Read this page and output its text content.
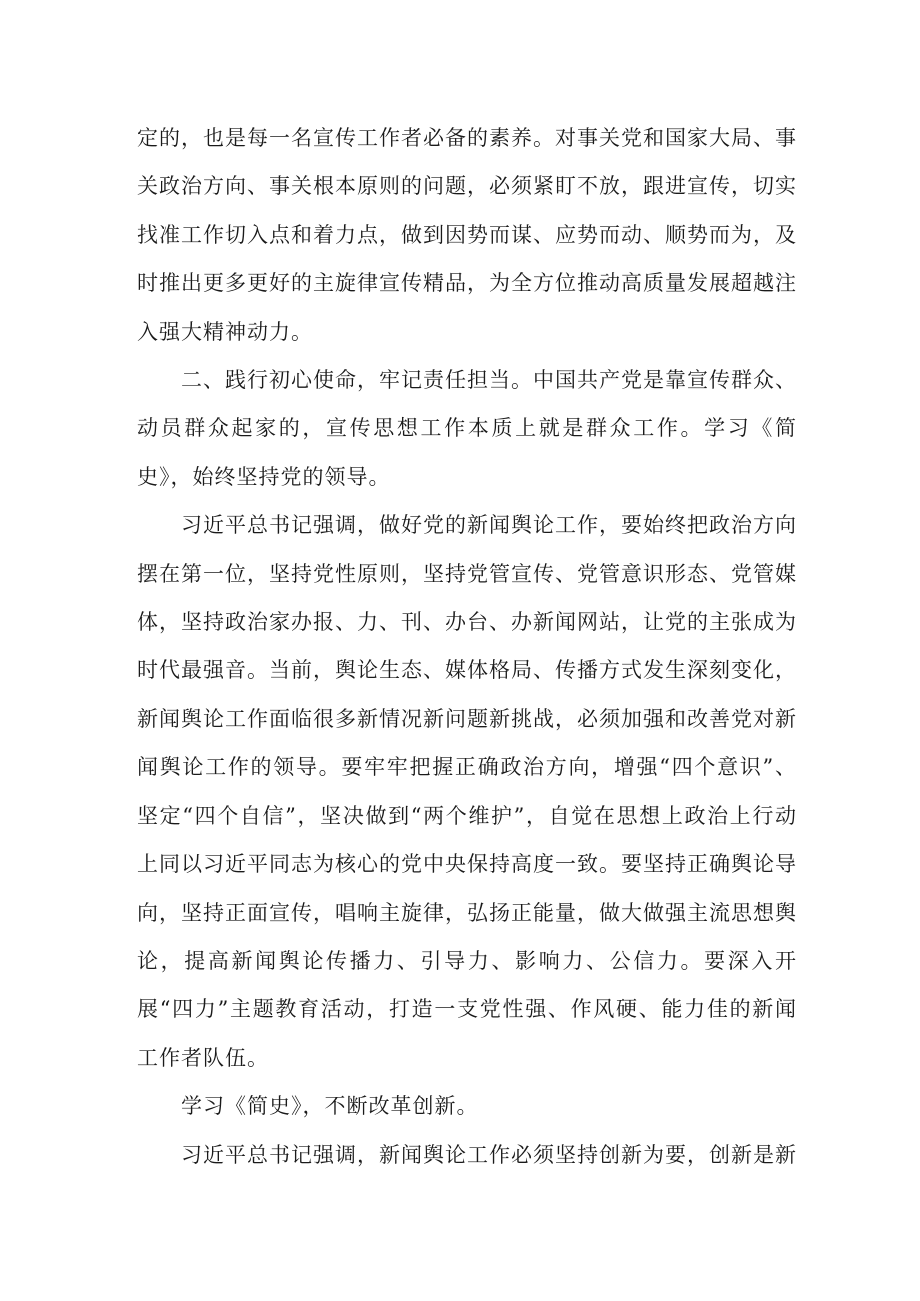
定的，也是每一名宣传工作者必备的素养。对事关党和国家大局、事关政治方向、事关根本原则的问题，必须紧盯不放，跟进宣传，切实找准工作切入点和着力点，做到因势而谋、应势而动、顺势而为，及时推出更多更好的主旋律宣传精品，为全方位推动高质量发展超越注入强大精神动力。

二、践行初心使命，牢记责任担当。中国共产党是靠宣传群众、动员群众起家的，宣传思想工作本质上就是群众工作。学习《简史》，始终坚持党的领导。

习近平总书记强调，做好党的新闻舆论工作，要始终把政治方向摆在第一位，坚持党性原则，坚持党管宣传、党管意识形态、党管媒体，坚持政治家办报、力、刊、办台、办新闻网站，让党的主张成为时代最强音。当前，舆论生态、媒体格局、传播方式发生深刻变化，新闻舆论工作面临很多新情况新问题新挑战，必须加强和改善党对新闻舆论工作的领导。要牢牢把握正确政治方向，增强“四个意识”、坚定“四个自信”，坚决做到“两个维护”，自觉在思想上政治上行动上同以习近平同志为核心的党中央保持高度一致。要坚持正确舆论导向，坚持正面宣传，唱响主旋律，弘扬正能量，做大做强主流思想舆论，提高新闻舆论传播力、引导力、影响力、公信力。要深入开展“四力”主题教育活动，打造一支党性强、作风硬、能力佳的新闻工作者队伍。

学习《简史》，不断改革创新。

习近平总书记强调，新闻舆论工作必须坚持创新为要，创新是新
